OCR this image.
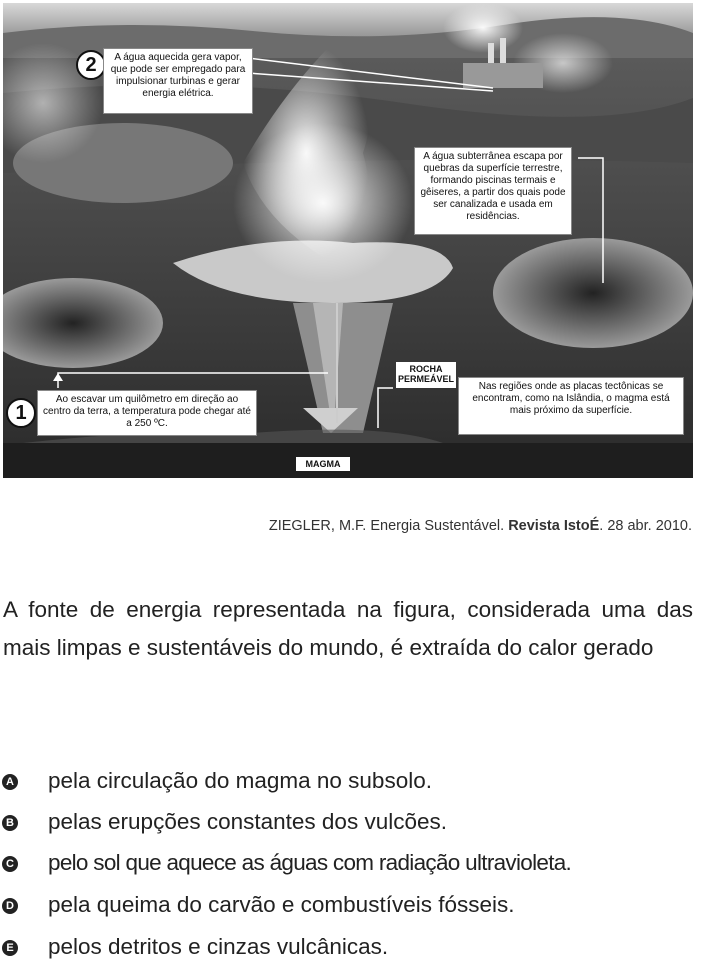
2	A água aquecida gera vapor, que pode ser empregado para impulsionar turbinas e gerar energia elétrica.
A água subterrânea escapa por quebras da superfície terrestre, formando piscinas termais e gêiseres, a partir dos quais pode ser canalizada e usada em residências.
1
Ao escavar um quilômetro em direção ao centro da terra, a temperatura pode chegar até a 250 ºC.
ROCHA PERMEÁVEL
Nas regiões onde as placas tectônicas se encontram, como na Islândia, o magma está mais próximo da superfície.
MAGMA
ZIEGLER, M.F. Energia Sustentável. Revista IstoÉ. 28 abr. 2010.
A fonte de energia representada na figura, considerada uma das mais limpas e sustentáveis do mundo, é extraída do calor gerado
A pela circulação do magma no subsolo.
B pelas erupções constantes dos vulcões.
C pelo sol que aquece as águas com radiação ultravioleta.
D pela queima do carvão e combustíveis fósseis.
E pelos detritos e cinzas vulcânicas.
